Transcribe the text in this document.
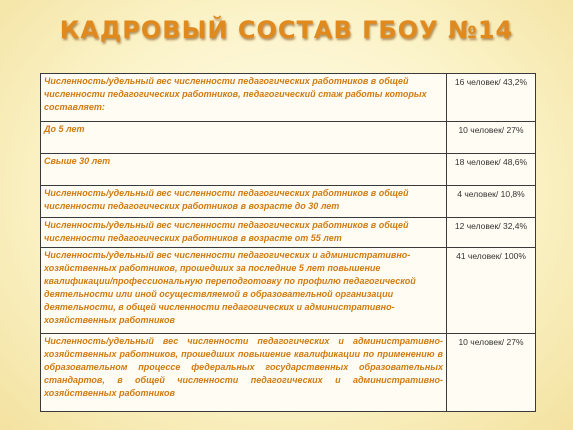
КАДРОВЫЙ СОСТАВ ГБОУ №14
Численность/удельный вес численности педагогических работников в общей численности педагогических работников, педагогический стаж работы которых составляет:	16 человек/ 43,2%
До 5 лет	10 человек/ 27%
Свыше 30 лет	18 человек/ 48,6%
Численность/удельный вес численности педагогических работников в общей численности педагогических работников в возрасте до 30 лет	4 человек/ 10,8%
Численность/удельный вес численности педагогических работников в общей численности педагогических работников в возрасте от 55 лет	12 человек/ 32,4%
Численность/удельный вес численности педагогических и административно-хозяйственных работников, прошедших за последние 5 лет повышение квалификации/профессиональную переподготовку по профилю педагогической деятельности или иной осуществляемой в образовательной организации деятельности, в общей численности педагогических и административно-хозяйственных работников	41 человек/ 100%
Численность/удельный вес численности педагогических и административно-хозяйственных работников, прошедших повышение квалификации по применению в образовательном процессе федеральных государственных образовательных стандартов, в общей численности педагогических и административно-хозяйственных работников	10 человек/ 27%
